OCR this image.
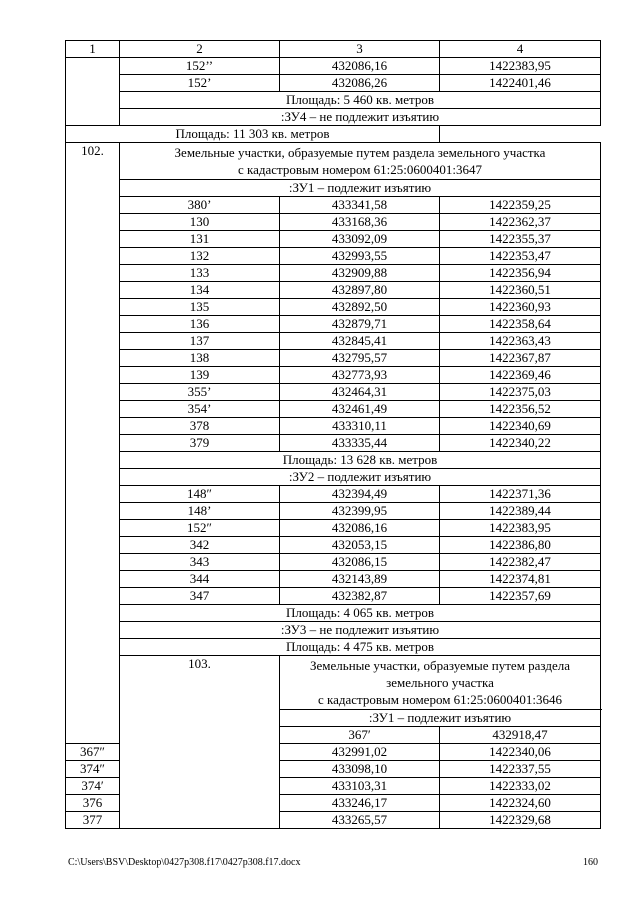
1	2	3	4	

	152’’	432086,16	1422383,95	
	152’	432086,26	1422401,46	
	Площадь: 5 460 кв. метров			
	:ЗУ4 – не подлежит изъятию			
Площадь: 11 303 кв. метров				
102.	Земельные участки, образуемые путем раздела земельного участка
с кадастровым номером 61:25:0600401:3647			

	:ЗУ1 – подлежит изъятию			
	380’	433341,58	1422359,25	
	130	433168,36	1422362,37	
	131	433092,09	1422355,37	
	132	432993,55	1422353,47	
	133	432909,88	1422356,94	
	134	432897,80	1422360,51	
	135	432892,50	1422360,93	
	136	432879,71	1422358,64	
	137	432845,41	1422363,43	
	138	432795,57	1422367,87	
	139	432773,93	1422369,46	
	355’	432464,31	1422375,03	
	354’	432461,49	1422356,52	
	378	433310,11	1422340,69	
	379	433335,44	1422340,22	
	Площадь: 13 628 кв. метров			
	:ЗУ2 – подлежит изъятию			
	148″	432394,49	1422371,36	
	148’	432399,95	1422389,44	
	152″	432086,16	1422383,95	
	342	432053,15	1422386,80	
	343	432086,15	1422382,47	
	344	432143,89	1422374,81	
	347	432382,87	1422357,69	
	Площадь: 4 065 кв. метров			
	:ЗУ3 – не подлежит изъятию			
	Площадь: 4 475 кв. метров			
	103.	Земельные участки, образуемые путем раздела земельного участка
с кадастровым номером 61:25:0600401:3646		

		:ЗУ1 – подлежит изъятию		
		367′	432918,47	
367″		432991,02	1422340,06	
374″		433098,10	1422337,55	
374′		433103,31	1422333,02	
376		433246,17	1422324,60	
377		433265,57	1422329,68	
C:\Users\BSV\Desktop\0427p308.f17\0427p308.f17.docx	160
